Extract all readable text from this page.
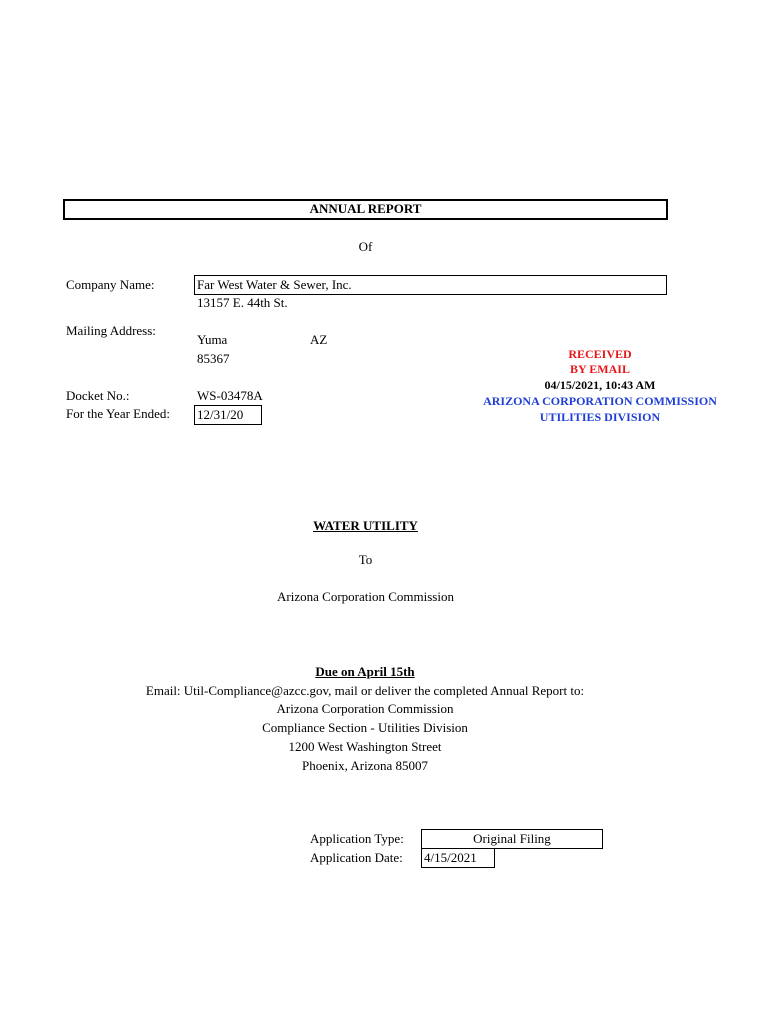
ANNUAL REPORT
Of
Company Name:	Far West Water & Sewer, Inc.
13157 E. 44th St.
Mailing Address:
Yuma	AZ
85367
Docket No.:	WS-03478A
For the Year Ended: 12/31/20
RECEIVED
BY EMAIL
04/15/2021, 10:43 AM
ARIZONA CORPORATION COMMISSION
UTILITIES DIVISION
WATER UTILITY
To
Arizona Corporation Commission
Due on April 15th
Email: Util-Compliance@azcc.gov, mail or deliver the completed Annual Report to:
Arizona Corporation Commission
Compliance Section - Utilities Division
1200 West Washington Street
Phoenix, Arizona 85007
Application Type:	Original Filing
Application Date: 4/15/2021
